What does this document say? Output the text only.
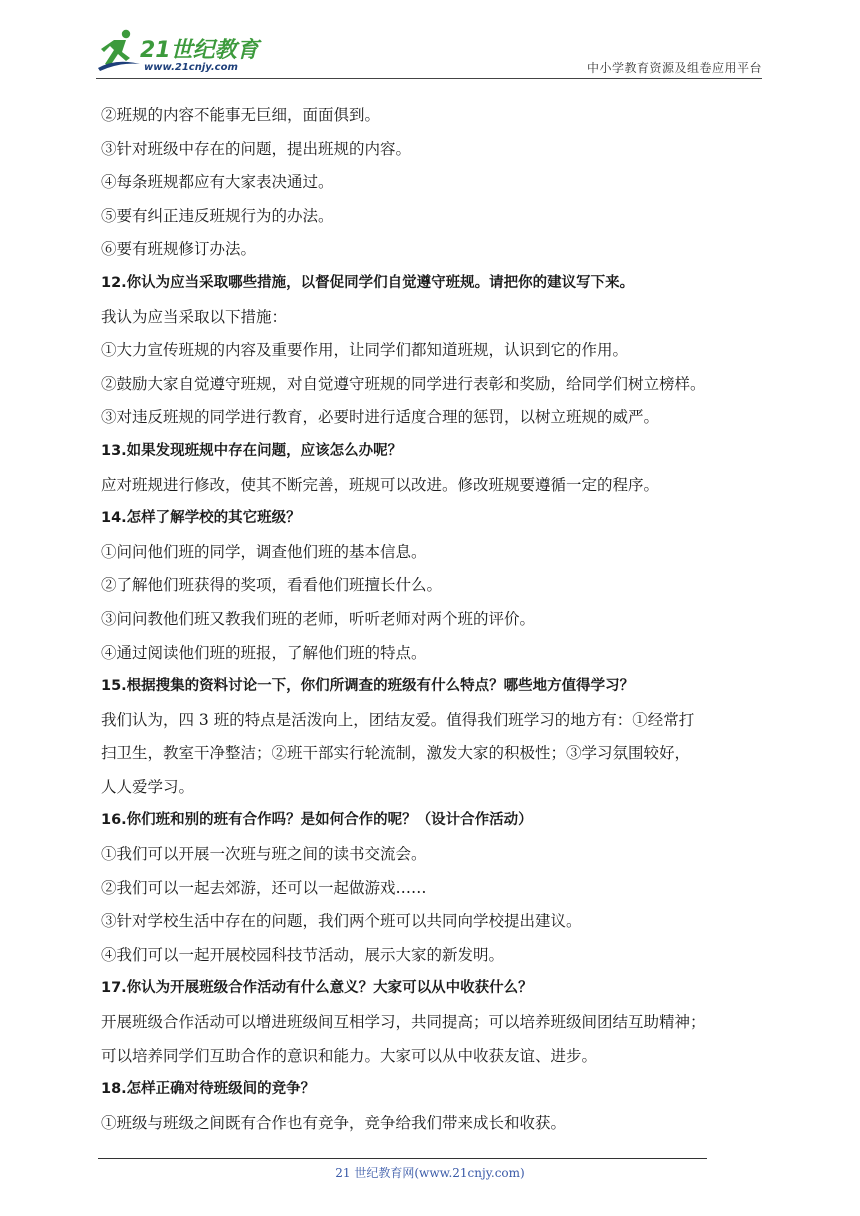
21世纪教育
www.21cnjy.com	中小学教育资源及组卷应用平台
②班规的内容不能事无巨细，面面俱到。
③针对班级中存在的问题，提出班规的内容。
④每条班规都应有大家表决通过。
⑤要有纠正违反班规行为的办法。
⑥要有班规修订办法。
12.你认为应当采取哪些措施，以督促同学们自觉遵守班规。请把你的建议写下来。
我认为应当采取以下措施：
①大力宣传班规的内容及重要作用，让同学们都知道班规，认识到它的作用。
②鼓励大家自觉遵守班规，对自觉遵守班规的同学进行表彰和奖励，给同学们树立榜样。
③对违反班规的同学进行教育，必要时进行适度合理的惩罚，以树立班规的威严。
13.如果发现班规中存在问题，应该怎么办呢？
应对班规进行修改，使其不断完善，班规可以改进。修改班规要遵循一定的程序。
14.怎样了解学校的其它班级？
①问问他们班的同学，调查他们班的基本信息。
②了解他们班获得的奖项，看看他们班擅长什么。
③问问教他们班又教我们班的老师，听听老师对两个班的评价。
④通过阅读他们班的班报，了解他们班的特点。
15.根据搜集的资料讨论一下，你们所调查的班级有什么特点？哪些地方值得学习？
我们认为，四 3 班的特点是活泼向上，团结友爱。值得我们班学习的地方有：①经常打
扫卫生，教室干净整洁；②班干部实行轮流制，激发大家的积极性；③学习氛围较好，
人人爱学习。
16.你们班和别的班有合作吗？是如何合作的呢？（设计合作活动）
①我们可以开展一次班与班之间的读书交流会。
②我们可以一起去郊游，还可以一起做游戏……
③针对学校生活中存在的问题，我们两个班可以共同向学校提出建议。
④我们可以一起开展校园科技节活动，展示大家的新发明。
17.你认为开展班级合作活动有什么意义？大家可以从中收获什么？
开展班级合作活动可以增进班级间互相学习，共同提高；可以培养班级间团结互助精神；
可以培养同学们互助合作的意识和能力。大家可以从中收获友谊、进步。
18.怎样正确对待班级间的竞争？
①班级与班级之间既有合作也有竞争，竞争给我们带来成长和收获。
21 世纪教育网(www.21cnjy.com)
